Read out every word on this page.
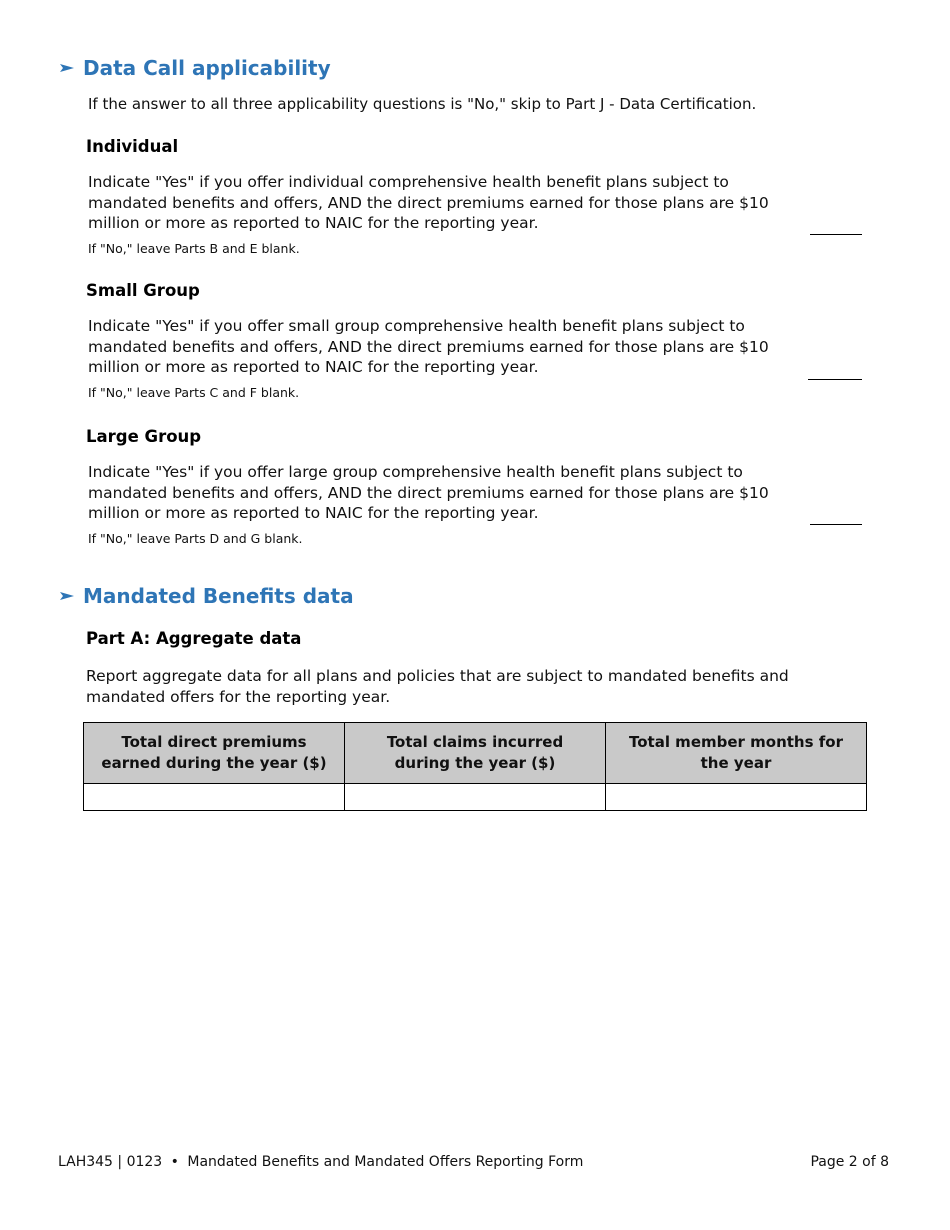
Data Call applicability
If the answer to all three applicability questions is "No," skip to Part J - Data Certification.
Individual
Indicate "Yes" if you offer individual comprehensive health benefit plans subject to mandated benefits and offers, AND the direct premiums earned for those plans are $10 million or more as reported to NAIC for the reporting year.
If "No," leave Parts B and E blank.
Small Group
Indicate "Yes" if you offer small group comprehensive health benefit plans subject to mandated benefits and offers, AND the direct premiums earned for those plans are $10 million or more as reported to NAIC for the reporting year.
If "No," leave Parts C and F blank.
Large Group
Indicate "Yes" if you offer large group comprehensive health benefit plans subject to mandated benefits and offers, AND the direct premiums earned for those plans are $10 million or more as reported to NAIC for the reporting year.
If "No," leave Parts D and G blank.
Mandated Benefits data
Part A: Aggregate data
Report aggregate data for all plans and policies that are subject to mandated benefits and mandated offers for the reporting year.
Total direct premiums earned during the year ($)	Total claims incurred during the year ($)	Total member months for the year

LAH345 | 0123 • Mandated Benefits and Mandated Offers Reporting Form	Page 2 of 8
